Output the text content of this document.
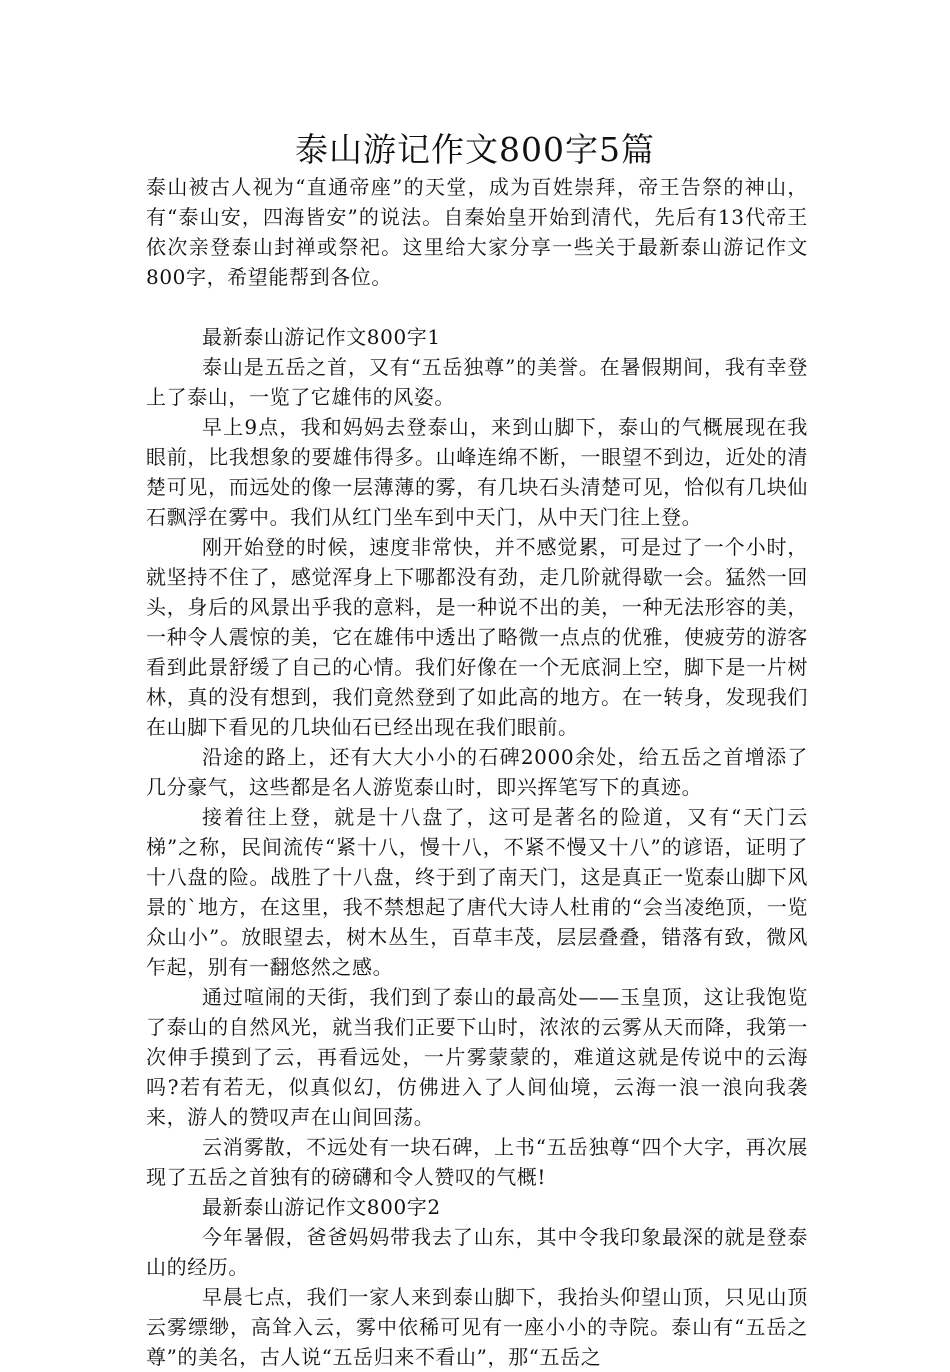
泰山游记作文800字5篇

泰山被古人视为“直通帝座”的天堂，成为百姓崇拜，帝王告祭的神山，有“泰山安，四海皆安”的说法。自秦始皇开始到清代，先后有13代帝王依次亲登泰山封禅或祭祀。这里给大家分享一些关于最新泰山游记作文800字，希望能帮到各位。

最新泰山游记作文800字1

泰山是五岳之首，又有“五岳独尊”的美誉。在暑假期间，我有幸登上了泰山，一览了它雄伟的风姿。

早上9点，我和妈妈去登泰山，来到山脚下，泰山的气概展现在我眼前，比我想象的要雄伟得多。山峰连绵不断，一眼望不到边，近处的清楚可见，而远处的像一层薄薄的雾，有几块石头清楚可见，恰似有几块仙石飘浮在雾中。我们从红门坐车到中天门，从中天门往上登。

刚开始登的时候，速度非常快，并不感觉累，可是过了一个小时，就坚持不住了，感觉浑身上下哪都没有劲，走几阶就得歇一会。猛然一回头，身后的风景出乎我的意料，是一种说不出的美，一种无法形容的美，一种令人震惊的美，它在雄伟中透出了略微一点点的优雅，使疲劳的游客看到此景舒缓了自己的心情。我们好像在一个无底洞上空，脚下是一片树林，真的没有想到，我们竟然登到了如此高的地方。在一转身，发现我们在山脚下看见的几块仙石已经出现在我们眼前。

沿途的路上，还有大大小小的石碑2000余处，给五岳之首增添了几分豪气，这些都是名人游览泰山时，即兴挥笔写下的真迹。

接着往上登，就是十八盘了，这可是著名的险道，又有“天门云梯”之称，民间流传“紧十八，慢十八，不紧不慢又十八”的谚语，证明了十八盘的险。战胜了十八盘，终于到了南天门，这是真正一览泰山脚下风景的`地方，在这里，我不禁想起了唐代大诗人杜甫的“会当凌绝顶，一览众山小”。放眼望去，树木丛生，百草丰茂，层层叠叠，错落有致，微风乍起，别有一翻悠然之感。

通过喧闹的天街，我们到了泰山的最高处——玉皇顶，这让我饱览了泰山的自然风光，就当我们正要下山时，浓浓的云雾从天而降，我第一次伸手摸到了云，再看远处，一片雾蒙蒙的，难道这就是传说中的云海吗?若有若无，似真似幻，仿佛进入了人间仙境，云海一浪一浪向我袭来，游人的赞叹声在山间回荡。

云消雾散，不远处有一块石碑，上书“五岳独尊“四个大字，再次展现了五岳之首独有的磅礴和令人赞叹的气概!

最新泰山游记作文800字2

今年暑假，爸爸妈妈带我去了山东，其中令我印象最深的就是登泰山的经历。

早晨七点，我们一家人来到泰山脚下，我抬头仰望山顶，只见山顶云雾缥缈，高耸入云，雾中依稀可见有一座小小的寺院。泰山有“五岳之尊”的美名，古人说“五岳归来不看山”，那“五岳之
